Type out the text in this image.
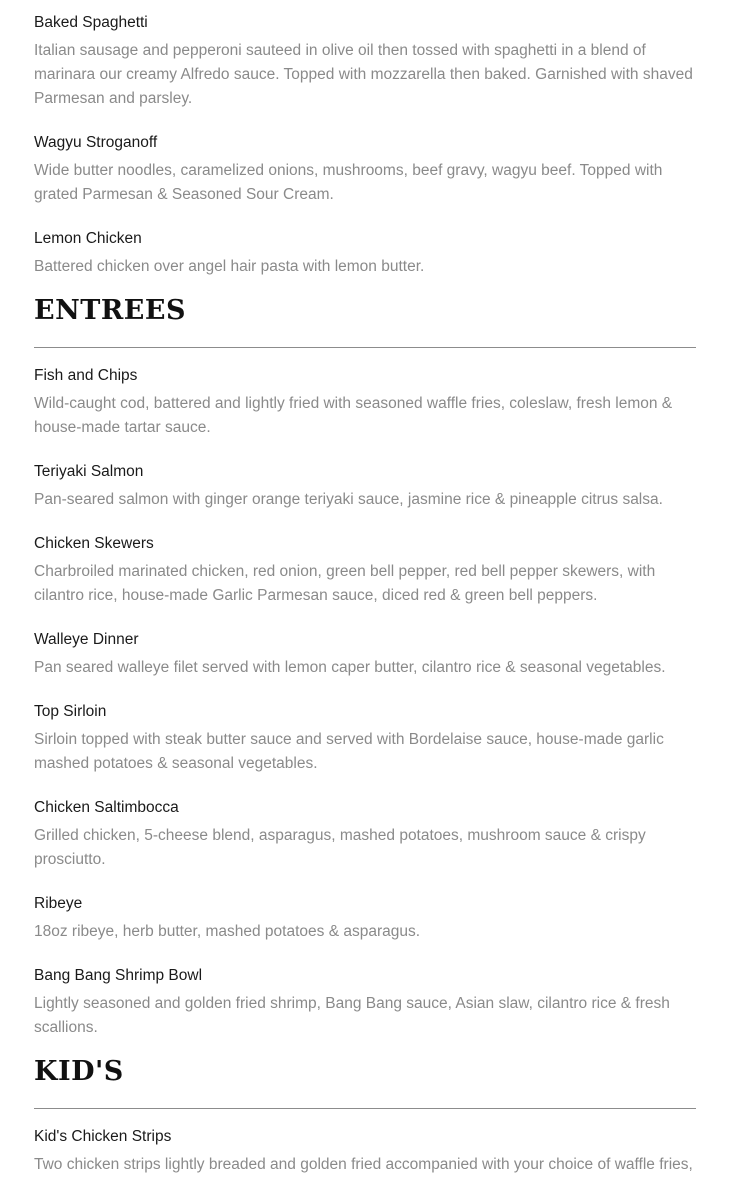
Baked Spaghetti
Italian sausage and pepperoni sauteed in olive oil then tossed with spaghetti in a blend of marinara our creamy Alfredo sauce. Topped with mozzarella then baked. Garnished with shaved Parmesan and parsley.
Wagyu Stroganoff
Wide butter noodles, caramelized onions, mushrooms, beef gravy, wagyu beef. Topped with grated Parmesan & Seasoned Sour Cream.
Lemon Chicken
Battered chicken over angel hair pasta with lemon butter.
ENTREES
Fish and Chips
Wild-caught cod, battered and lightly fried with seasoned waffle fries, coleslaw, fresh lemon & house-made tartar sauce.
Teriyaki Salmon
Pan-seared salmon with ginger orange teriyaki sauce, jasmine rice & pineapple citrus salsa.
Chicken Skewers
Charbroiled marinated chicken, red onion, green bell pepper, red bell pepper skewers, with cilantro rice, house-made Garlic Parmesan sauce, diced red & green bell peppers.
Walleye Dinner
Pan seared walleye filet served with lemon caper butter, cilantro rice & seasonal vegetables.
Top Sirloin
Sirloin topped with steak butter sauce and served with Bordelaise sauce, house-made garlic mashed potatoes & seasonal vegetables.
Chicken Saltimbocca
Grilled chicken, 5-cheese blend, asparagus, mashed potatoes, mushroom sauce & crispy prosciutto.
Ribeye
18oz ribeye, herb butter, mashed potatoes & asparagus.
Bang Bang Shrimp Bowl
Lightly seasoned and golden fried shrimp, Bang Bang sauce, Asian slaw, cilantro rice & fresh scallions.
KID'S
Kid's Chicken Strips
Two chicken strips lightly breaded and golden fried accompanied with your choice of waffle fries,
